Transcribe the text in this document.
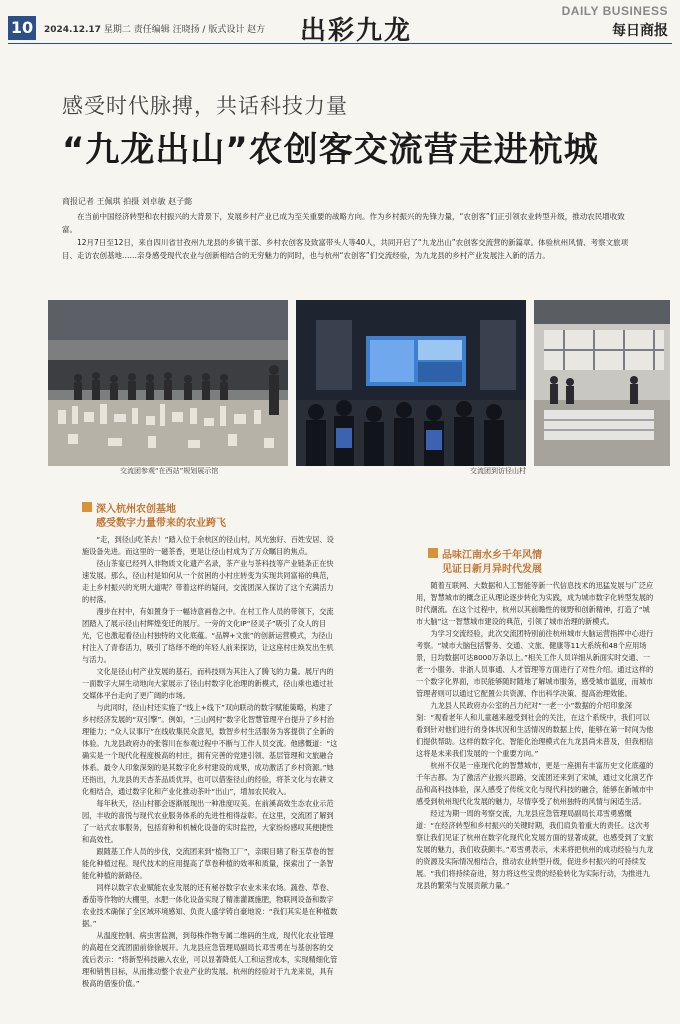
10	2024.12.17 星期二 责任编辑 汪晓扬 / 版式设计 赵方 出彩九龙
DAILY BUSINESS
每日商报
感受时代脉搏，共话科技力量
“九龙出山”农创客交流营走进杭城
商报记者 王佩琪 拍摄 刘卓敏 赵子懿

在当前中国经济转型和农村振兴的大背景下，发展乡村产业已成为至关重要的战略方向。作为乡村振兴的先锋力量，“农创客”们正引领农业转型升级，推动农民增收致富。

12月7日至12日，来自四川省甘孜州九龙县的乡镇干部、乡村农创客及致富带头人等40人，共同开启了“九龙出山”农创客交流营的新篇章。体验杭州风情、考察文旅项目、走访农创基地……亲身感受现代农业与创新相结合的无穷魅力的同时，也与杭州“农创客”们交流经验，为九龙县的乡村产业发展注入新的活力。

交流团参观“在西站”规划展示馆	交流团到访径山村
深入杭州农创基地
感受数字力量带来的农业跨飞

“走，到径山吃茶去！”踏入位于余杭区的径山村，风光独好、百姓安居、设施设备先进。而这里的一磁茶香，更是让径山村成为了万众瞩目的焦点。

径山茶宴已经列入非物质文化遗产名录，茶产业与茶科技等产业链条正在快速发展。那么，径山村是如何从一个贫困的小村庄转变为实现共同富裕的典范，走上乡村振兴的光明大道呢？带着这样的疑问，交流团深入探访了这个充满活力的村落。

漫步在村中，有如置身于一幅诗意画卷之中。在村工作人员的带领下，交流团踏入了展示径山村辉煌变迁的展厅。一旁的文化IP“径灵子”吸引了众人的目光，它也激起看径山村独特的文化底蕴。“品牌+文旅”的创新运营模式，为径山村注入了青春活力，吸引了络绎不绝的年轻人前来探访，让这座村庄焕发出生机与活力。

文化是径山村产业发展的基石，而科技则为其注入了腾飞的力量。展厅内的一面数字大屏生动地向大家展示了径山村数字化治理的新模式，径山乘也通过社交媒体平台走向了更广阔的市场。

与此同时，径山村还实施了“线上+线下”双向联动的数字赋能策略，构建了乡村经济发展的“双引擎”。例如，“三山网村”数字化智慧管理平台提升了乡村治理能力；“众人议事厅”在线收集民众意见，数智乡村生活服务为客提供了全新的体验。九龙县政府办的张蓉川在参观过程中不断与工作人员交流。他感慨道：“这确实是一个现代化程度极高的村庄，拥有完善的党建引领、基层管理和文旅融合体系。最令人印象深刻的是其数字化乡村建设的成果，成功激活了乡村资源。”她还指出，九龙县的天杏茶品质优异，也可以借鉴径山的经验，将茶文化与农耕文化相结合，通过数字化和产业化推动茶叶“出山”，增加农民收入。

每年秋天，径山村都会逐渐展现出一种准度叹美。在前溪高效生态农业示范园，丰收的喜悦与现代农业服务体系的先进性相得益彰。在这里，交流团了解到了一站式农事服务，包括育种和机械化设备的实时监控，大家纷纷感叹其便捷性和高效性。

跟随基工作人员的步伐，交流团来到“植物工厂”，亲眼目睹了粉玉草卷的智能化种植过程。现代技术的应用提高了草卷种植的效率和质量，探索出了一条智能化种植的新路径。

同样以数字农业赋能农业发展的还有秘谷数字农业未来农场。蔬卷、草卷、番茄等作物的大棚里，水肥一体化设备实现了精准灌溉施肥，物联网设备和数字农业技术确保了全区域环境感知、负责人盛学铸自豪地说：“我们其实是在种植数据。”

从温度控制、病虫害监测，到每株作物专属二维码的生成，现代化农业管理的高超在交流团面前徐徐展开。九龙县应急管理局副局长邓雪勇在与基创客的交流后表示：“将新型科技融入农业，可以显著降低人工和运营成本，实现精细化管理和销售目标，从而推动整个农业产业的发展。杭州的经验对于九龙来说，具有极高的借鉴价值。”

品味江南水乡千年风情
见证日新月异时代发展

随着互联网、大数据和人工智能等新一代信息技术的迅猛发展与广泛应用，智慧城市的概念正从理论逐步转化为实践，成为城市数字化转型发展的时代潮流。在这个过程中，杭州以其前瞻性的视野和创新精神，打造了“城市大脑”这一智慧城市建设的典范，引领了城市治理的新模式。

为学习交流经验，此次交流团特别前往杭州城市大脑运营指挥中心进行考察。“城市大脑包括警务、交通、文旅、健康等11大系统和48个应用场景，日均数据可达8000万条以上。”相关工作人员详细从新面实时交通、一老一小服务、非浙人员事通、人才管理等方面进行了对性介绍。通过这样的一个数字化界面，市民能够随时随地了解城市服务，感受城市温度，而城市管理者则可以通过它配置公共资源、作出科学决策、提高治理效能。

九龙县人民政府办公室的吕力纪对“一老一小”数据的介绍印象深刻：“观看老年人和儿童越来越受到社会的关注，在这个系统中，我们可以看到针对他们进行的身体状况和生活情况的数据上传，能够在第一时间为他们提供帮助。这样的数字化、智能化治理模式在九龙县尚未普及，但我相信这将是未来我们发展的一个重要方向。”

杭州不仅是一座现代化的智慧城市，更是一座拥有丰富历史文化底蕴的千年古都。为了激活产业振兴思路，交流团还来到了宋城，通过文化演艺作品和高科技体验，深入感受了传统文化与现代科技的融合，能够在新城市中感受到杭州现代化发展的魅力，尽情享受了杭州独特的风情与闲适生活。

经过为期一周的考察交流，九龙县应急管理局副局长邓雪勇感慨道：“在经济转型和乡村振兴的关键时期，我们肩负着重大的责任。这次考察让我们见证了杭州在数字化现代化发展方面的显著成就，也感受到了文旅发展的魅力，我们收获颇丰。”邓雪勇表示，未来将把杭州的成功经验与九龙的资源及实际情况相结合，推动农业转型升级，促进乡村振兴的可持续发展。“我们将持续奋进，努力将这些宝贵的经验转化为实际行动，为推进九龙县的繁荣与发展贡献力量。”
